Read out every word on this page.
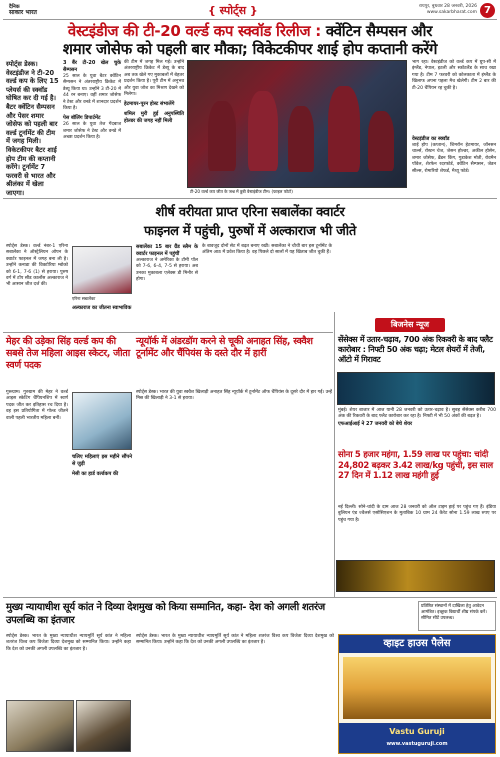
दैनिक
साकार भारत	{ स्पोर्ट्स }	रायपुर, बुधवार 28 जनवरी, 2026
www.sakarbharat.com 7
वेस्टइंडीज की टी-20 वर्ल्ड कप स्क्वॉड रिलीज : क्वेंटिन सैम्पसन और
शमार जोसेफ को पहली बार मौका; विकेटकीपर शाई होप कप्तानी करेंगे
स्पोर्ट्स डेस्क। वेस्टइंडीज ने टी-20 वर्ल्ड कप के लिए 15 प्लेयर्स की स्क्वॉड घोषित कर दी गई है। बैटर क्वेंटिन सैम्पसन और पेसर शमार जोसेफ को पहली बार वर्ल्ड टूर्नामेंट की टीम में जगह मिली। विकेटकीपर बैटर शाई होप टीम की कप्तानी करेंगे। टूर्नामेंट 7 फरवरी से भारत और श्रीलंका में खेला जाएगा।
3 बैंर टी-20 खेल चुके सैम्पसन
25 साल के युवा बैटर क्वेंटिन सैम्पसन ने अंतरराष्ट्रीय क्रिकेट में डेब्यू किया था। उन्होंने 3 टी-20 में 44 रन बनाए। वहीं शमार जोसेफ ने टेस्ट और वनडे में शानदार प्रदर्शन किया है।
पेस बॉलिंग डिपार्टमेंट
26 साल के युवा तेज गेंदबाज शमार जोसेफ ने टेस्ट और वनडे में अच्छा प्रदर्शन किया है।
की टीम में जगह मिल गई। उन्होंने अंतरराष्ट्रीय क्रिकेट में डेब्यू के बाद अब तक खेले गए मुकाबलों में बेहतर प्रदर्शन किया है। पूरी टीम में अनुभव और युवा जोश का मिश्रण देखने को मिलेगा।
हेटमायर-पूरन होस्ट संभालेंगे
शमिल मुरी हुई अनुपस्थिति होल्डर की जगह नहीं मिली
टी-20 वर्ल्ड कप जीत के जश्न में डूबी वेस्टइंडीज टीम। (फाइल फोटो)
भाग रहा। वेस्टइंडीज को वर्ल्ड कप में ग्रुप-सी में इंग्लैंड, नेपाल, इटली और स्कॉटलैंड के साथ रखा गया है। टीम 7 फरवरी को कोलकाता में इंग्लैंड के खिलाफ अपना पहला मैच खेलेगी। टीम 2 बार की टी-20 चैंपियन रह चुकी है।
वेस्टइंडीज का स्क्वॉड
शाई होप (कप्तान), शिमरॉन हेटमायर, जॉनसन चार्ल्स, रोस्टन चेज, जेसन होल्डर, अकील होसेन, शमार जोसेफ, ब्रैंडन किंग, गुडाकेश मोती, रोवमैन पॉवेल, शेरफेन रदरफोर्ड, क्वेंटिन सैम्पसन, जेडन सील्स, रोमारियो शेफर्ड, मैथ्यू फोर्ड।
शीर्ष वरीयता प्राप्त एरिना सबालेंका क्वार्टर
फाइनल में पहुंची, पुरुषों में अल्काराज भी जीते
स्पोर्ट्स डेस्क। वर्ल्ड नंबर-1 एरिना सबालेंका ने ऑस्ट्रेलियन ओपन के क्वार्टर फाइनल में जगह बना ली है। उन्होंने कनाडा की विक्टोरिया म्बोको को 6-1, 7-6 (1) से हराया। पुरुष वर्ग में टॉप सीड कार्लोस अल्काराज ने भी आसान जीत दर्ज की।
एरिना सबालेंका
अल्काराज का जीतना स्वाभाविक
सबालेंका 15 बार ग्रैंड स्लैम के क्वार्टर फाइनल में पहुंचीं
अल्काराज ने अमेरिका के टॉमी पॉल को 7-6, 6-4, 7-5 से हराया। अब उनका मुकाबला एलेक्स डी मिनौर से होगा।
के बावजूद दोनों सेट में बढ़त बनाए रखी। सबालेंका ने चौथी बार इस टूर्नामेंट के अंतिम आठ में प्रवेश किया है। वह पिछले दो सालों में यह खिताब जीत चुकी हैं।
मेहर की उड़ेका सिंह वर्ल्ड कप की सबसे तेज महिला आइस स्केटर, जीता स्वर्ण पदक
गुरूग्राम। गुरुग्राम की मेहर ने वर्ल्ड आइस स्केटिंग चैंपियनशिप में स्वर्ण पदक जीत कर इतिहास रच दिया है। वह इस प्रतियोगिता में गोल्ड जीतने वाली पहली भारतीय महिला बनीं।
चलिए महिलाएं इस महीने सौंपने से जुड़ी
मेसी का हार्ड वर्ल्डकप की
न्यूयॉर्क में अंडरडॉग करने से चूकी अनाहत सिंह, स्क्वैश टूर्नामेंट और चैंपियंस के दस्ते दौर में हारीं
स्पोर्ट्स डेस्क। भारत की युवा स्क्वैश खिलाड़ी अनाहत सिंह न्यूयॉर्क में टूर्नामेंट ऑफ चैंपियंस के दूसरे दौर में हार गईं। उन्हें मिस्र की खिलाड़ी ने 3-1 से हराया।
बिजनेस न्यूज
सेंसेक्स में उतार-चढ़ाव, 700 अंक रिकवरी के बाद फ्लैट कारोबार : निफ्टी 50 अंक चढ़ा; मेटल शेयरों में तेजी, ऑटो में गिरावट
मुंबई। शेयर बाजार में आज यानी 28 जनवरी को उतार-चढ़ाव है। सुबह सेंसेक्स करीब 700 अंक की रिकवरी के बाद फ्लैट कारोबार कर रहा है। निफ्टी में भी 50 अंकों की बढ़त है।
एफआईआई ने 27 जनवरी को बेचे शेयर
सोना 5 हजार महंगा, 1.59 लाख पर पहुंचा: चांदी 24,802 बढ़कर 3.42 लाख/kg पहुंची, इस साल 27 दिन में 1.12 लाख महंगी हुई
नई दिल्ली। सोने-चांदी के दाम आज 28 जनवरी को ऑल टाइम हाई पर पहुंच गए हैं। इंडिया बुलियन एंड ज्वैलर्स एसोसिएशन के मुताबिक 10 ग्राम 24 कैरेट सोना 1.59 लाख रुपए पर पहुंच गया है।
मुख्य न्यायाधीश सूर्य कांत ने दिव्या देशमुख को किया सम्मानित, कहा- देश को अगली शतरंज उपलब्धि का इंतजार
स्पोर्ट्स डेस्क। भारत के मुख्य न्यायाधीश न्यायमूर्ति सूर्य कांत ने महिला शतरंज विश्व कप विजेता दिव्या देशमुख को सम्मानित किया। उन्होंने कहा कि देश को उनकी अगली उपलब्धि का इंतजार है।
स्पोर्ट्स डेस्क। भारत के मुख्य न्यायाधीश न्यायमूर्ति सूर्य कांत ने महिला शतरंज विश्व कप विजेता दिव्या देशमुख को सम्मानित किया। उन्होंने कहा कि देश को उनकी अगली उपलब्धि का इंतजार है।	व्हाइट हाउस पैलेस
Vastu Guruji
www.vastuguruji.com
प्रतिष्ठित संस्थानों में दाखिला हेतु आवेदन आमंत्रित। इच्छुक विद्यार्थी शीघ्र संपर्क करें। सीमित सीटें उपलब्ध।
